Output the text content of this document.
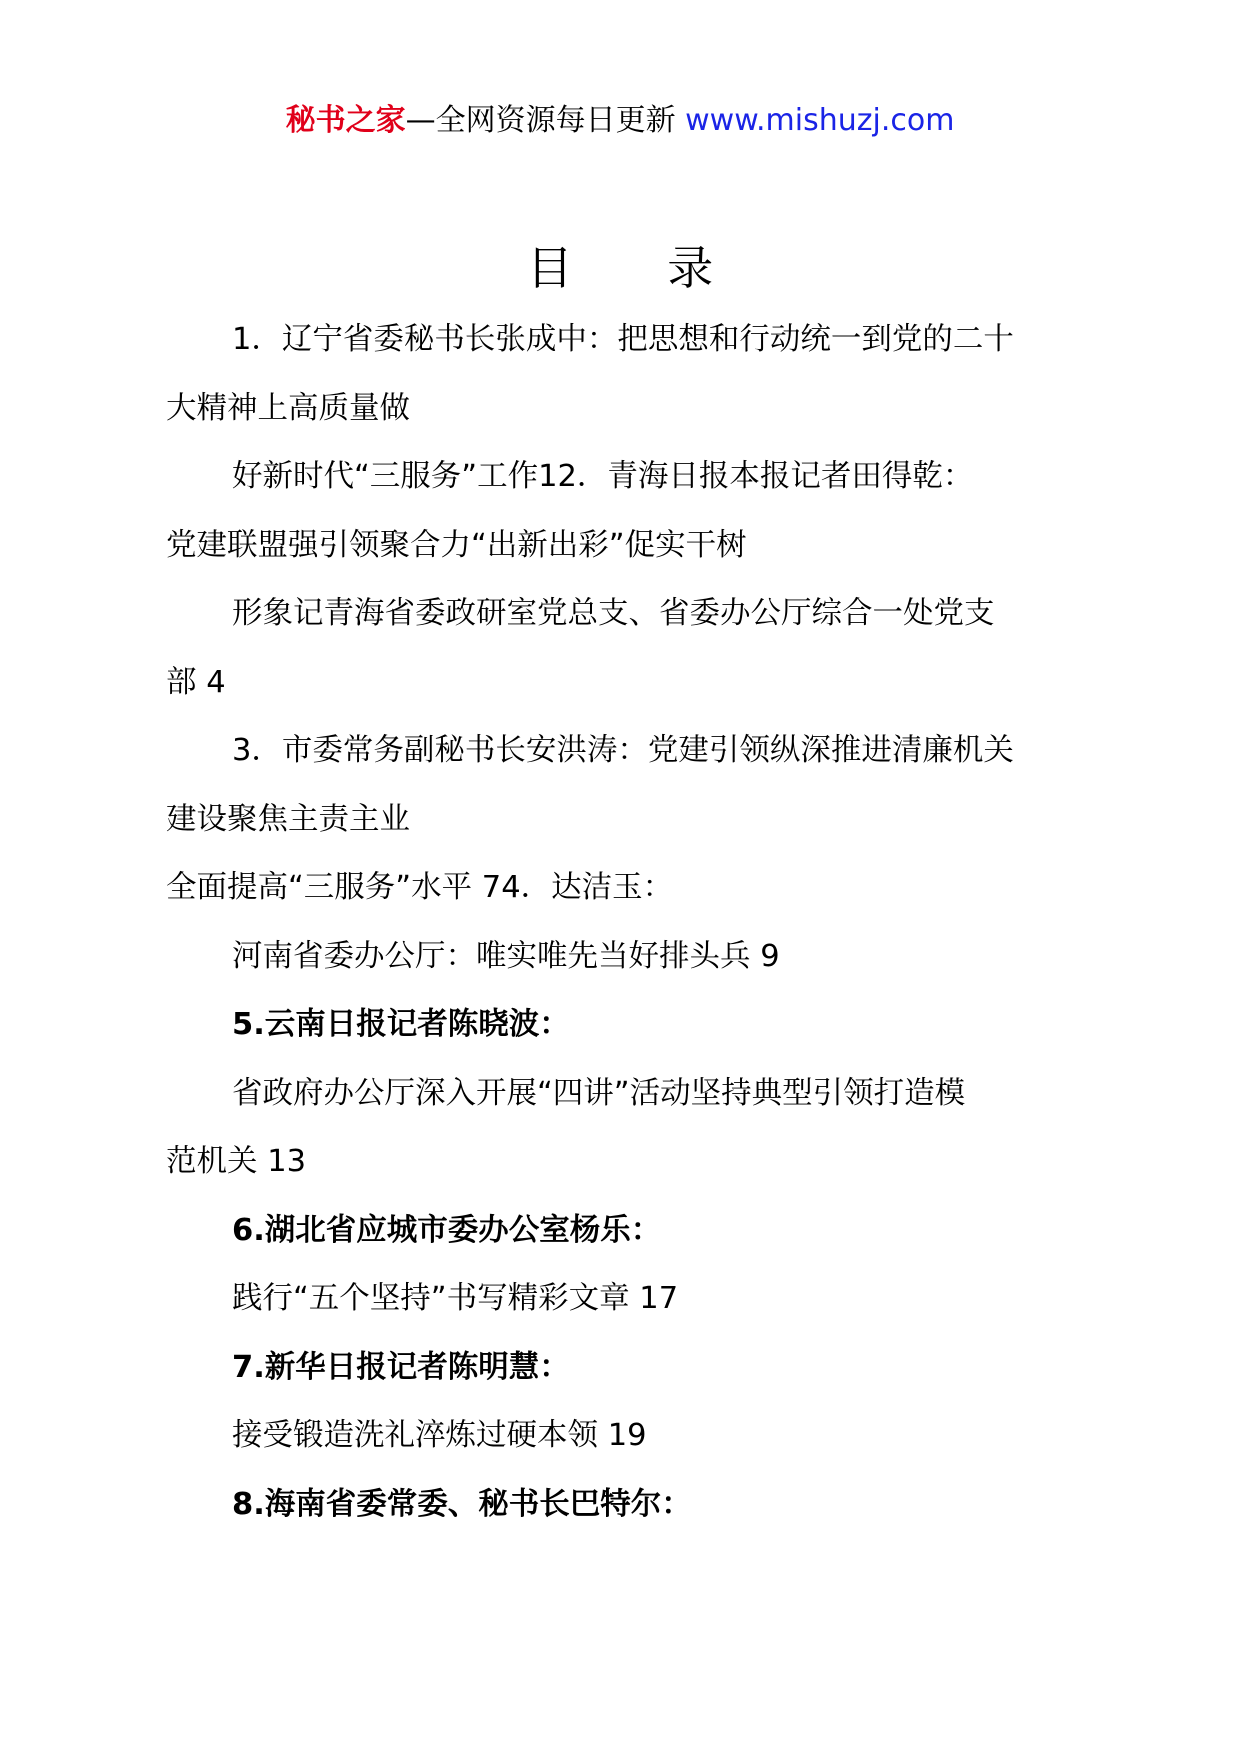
秘书之家—全网资源每日更新 www.mishuzj.com
目 录

1．辽宁省委秘书长张成中：把思想和行动统一到党的二十

大精神上高质量做

好新时代“三服务”工作12．青海日报本报记者田得乾：

党建联盟强引领聚合力“出新出彩”促实干树

形象记青海省委政研室党总支、省委办公厅综合一处党支

部 4

3．市委常务副秘书长安洪涛：党建引领纵深推进清廉机关

建设聚焦主责主业

全面提高“三服务”水平 74．达洁玉：

河南省委办公厅：唯实唯先当好排头兵 9

5.云南日报记者陈晓波：

省政府办公厅深入开展“四讲”活动坚持典型引领打造模

范机关 13

6.湖北省应城市委办公室杨乐：

践行“五个坚持”书写精彩文章 17

7.新华日报记者陈明慧：

接受锻造洗礼淬炼过硬本领 19

8.海南省委常委、秘书长巴特尔：
